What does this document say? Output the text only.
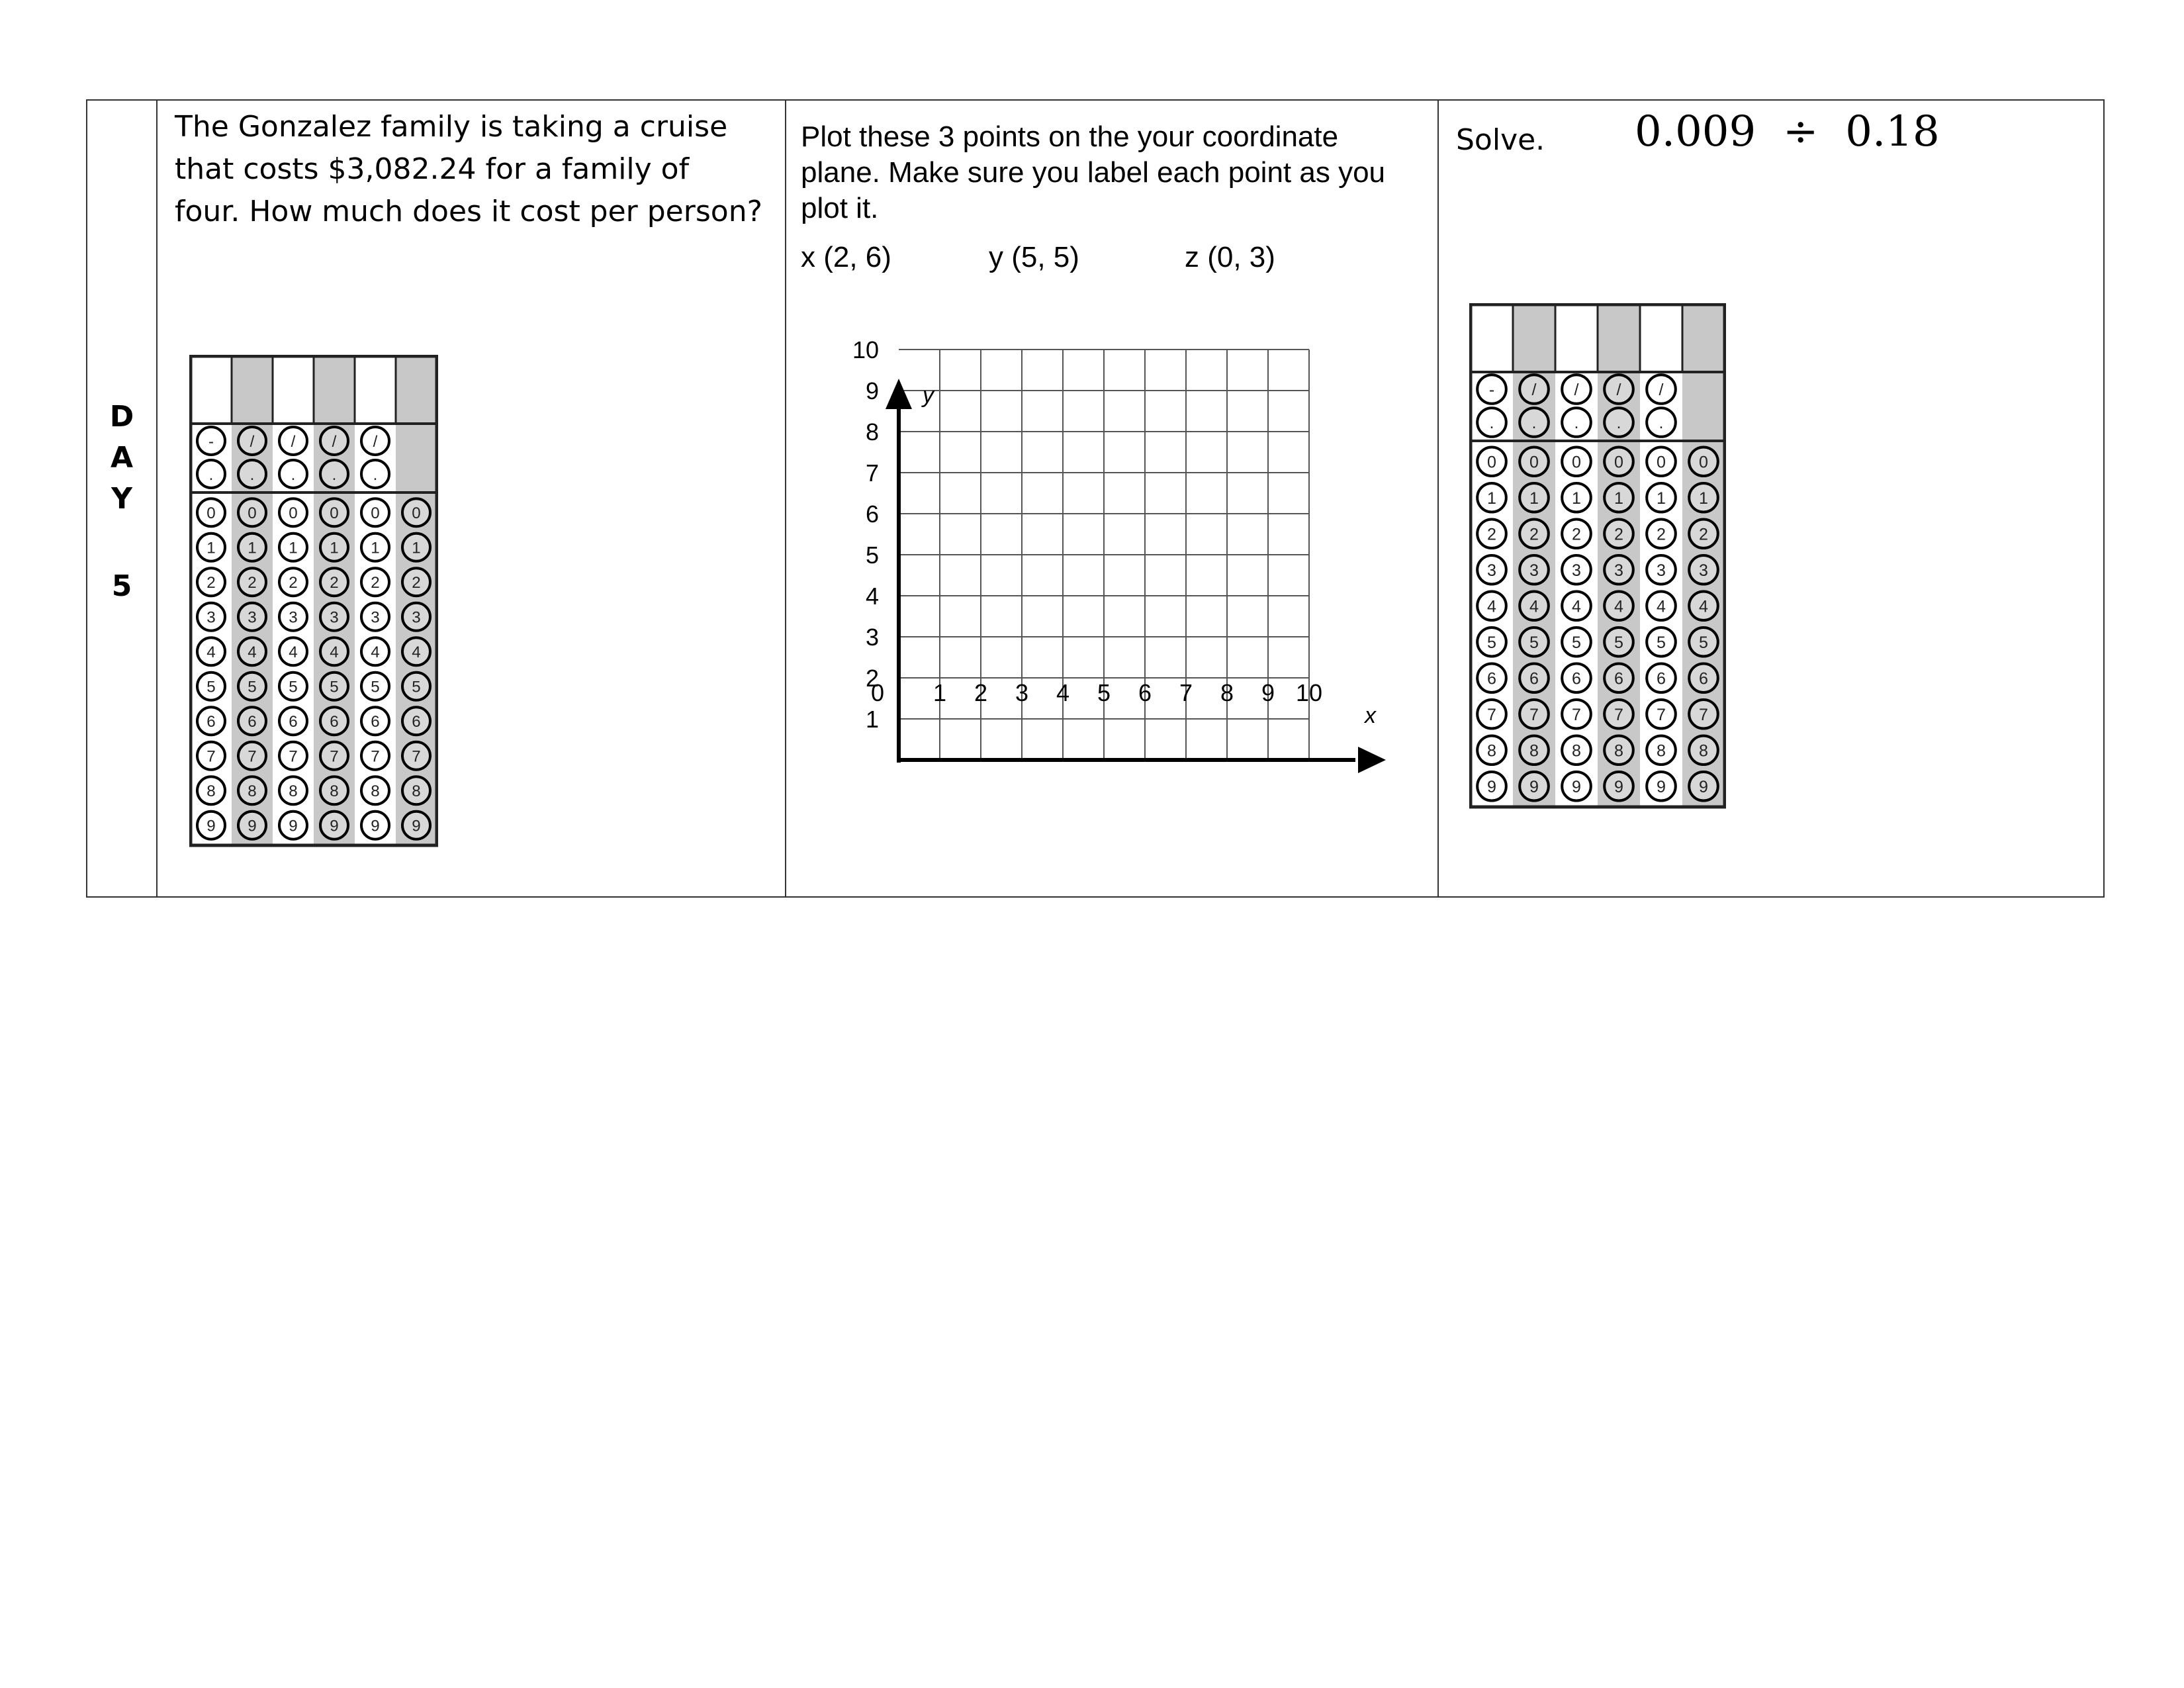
D
A
Y
5
The Gonzalez family is taking a cruise
that costs $3,082.24 for a family of
four. How much does it cost per person?
-
.
/
.
/
.
/
.
/
.
0
1
2
3
4
5
6
7
8
9
0
1
2
3
4
5
6
7
8
9
0
1
2
3
4
5
6
7
8
9
0
1
2
3
4
5
6
7
8
9
0
1
2
3
4
5
6
7
8
9
0
1
2
3
4
5
6
7
8
9
Plot these 3 points on the your coordinate
plane. Make sure you label each point as you
plot it.
x (2, 6)	y (5, 5)	z (0, 3)
y
x
0 1 2 3 4 5 6 7 8 9 10
1
2
3
4
5
6
7
8
9
10
Solve. 0.009  ÷  0.18
-
.
/
.
/
.
/
.
/
.
0
1
2
3
4
5
6
7
8
9
0
1
2
3
4
5
6
7
8
9
0
1
2
3
4
5
6
7
8
9
0
1
2
3
4
5
6
7
8
9
0
1
2
3
4
5
6
7
8
9
0
1
2
3
4
5
6
7
8
9
